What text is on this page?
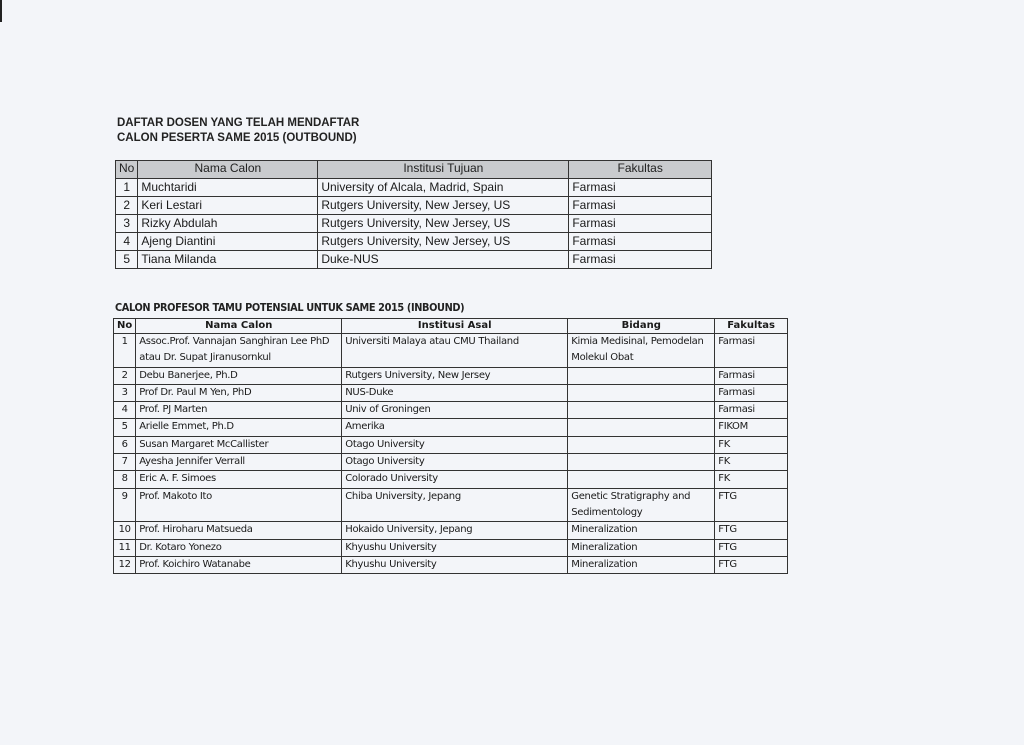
DAFTAR DOSEN YANG TELAH MENDAFTAR
CALON PESERTA SAME 2015 (OUTBOUND)
No	Nama Calon	Institusi Tujuan	Fakultas
1	Muchtaridi	University of Alcala, Madrid, Spain	Farmasi
2	Keri Lestari	Rutgers University, New Jersey, US	Farmasi
3	Rizky Abdulah	Rutgers University, New Jersey, US	Farmasi
4	Ajeng Diantini	Rutgers University, New Jersey, US	Farmasi
5	Tiana Milanda	Duke-NUS	Farmasi
CALON PROFESOR TAMU POTENSIAL UNTUK SAME 2015 (INBOUND)
No	Nama Calon	Institusi Asal	Bidang	Fakultas
1	Assoc.Prof. Vannajan Sanghiran Lee PhD
atau Dr. Supat Jiranusornkul	Universiti Malaya atau CMU Thailand	Kimia Medisinal, Pemodelan
Molekul Obat	Farmasi
2	Debu Banerjee, Ph.D	Rutgers University, New Jersey		Farmasi
3	Prof Dr. Paul M Yen, PhD	NUS-Duke		Farmasi
4	Prof. PJ Marten	Univ of Groningen		Farmasi
5	Arielle Emmet, Ph.D	Amerika		FIKOM
6	Susan Margaret McCallister	Otago University		FK
7	Ayesha Jennifer Verrall	Otago University		FK
8	Eric A. F. Simoes	Colorado University		FK
9	Prof. Makoto Ito	Chiba University, Jepang	Genetic Stratigraphy and
Sedimentology	FTG
10	Prof. Hiroharu Matsueda	Hokaido University, Jepang	Mineralization	FTG
11	Dr. Kotaro Yonezo	Khyushu University	Mineralization	FTG
12	Prof. Koichiro Watanabe	Khyushu University	Mineralization	FTG
